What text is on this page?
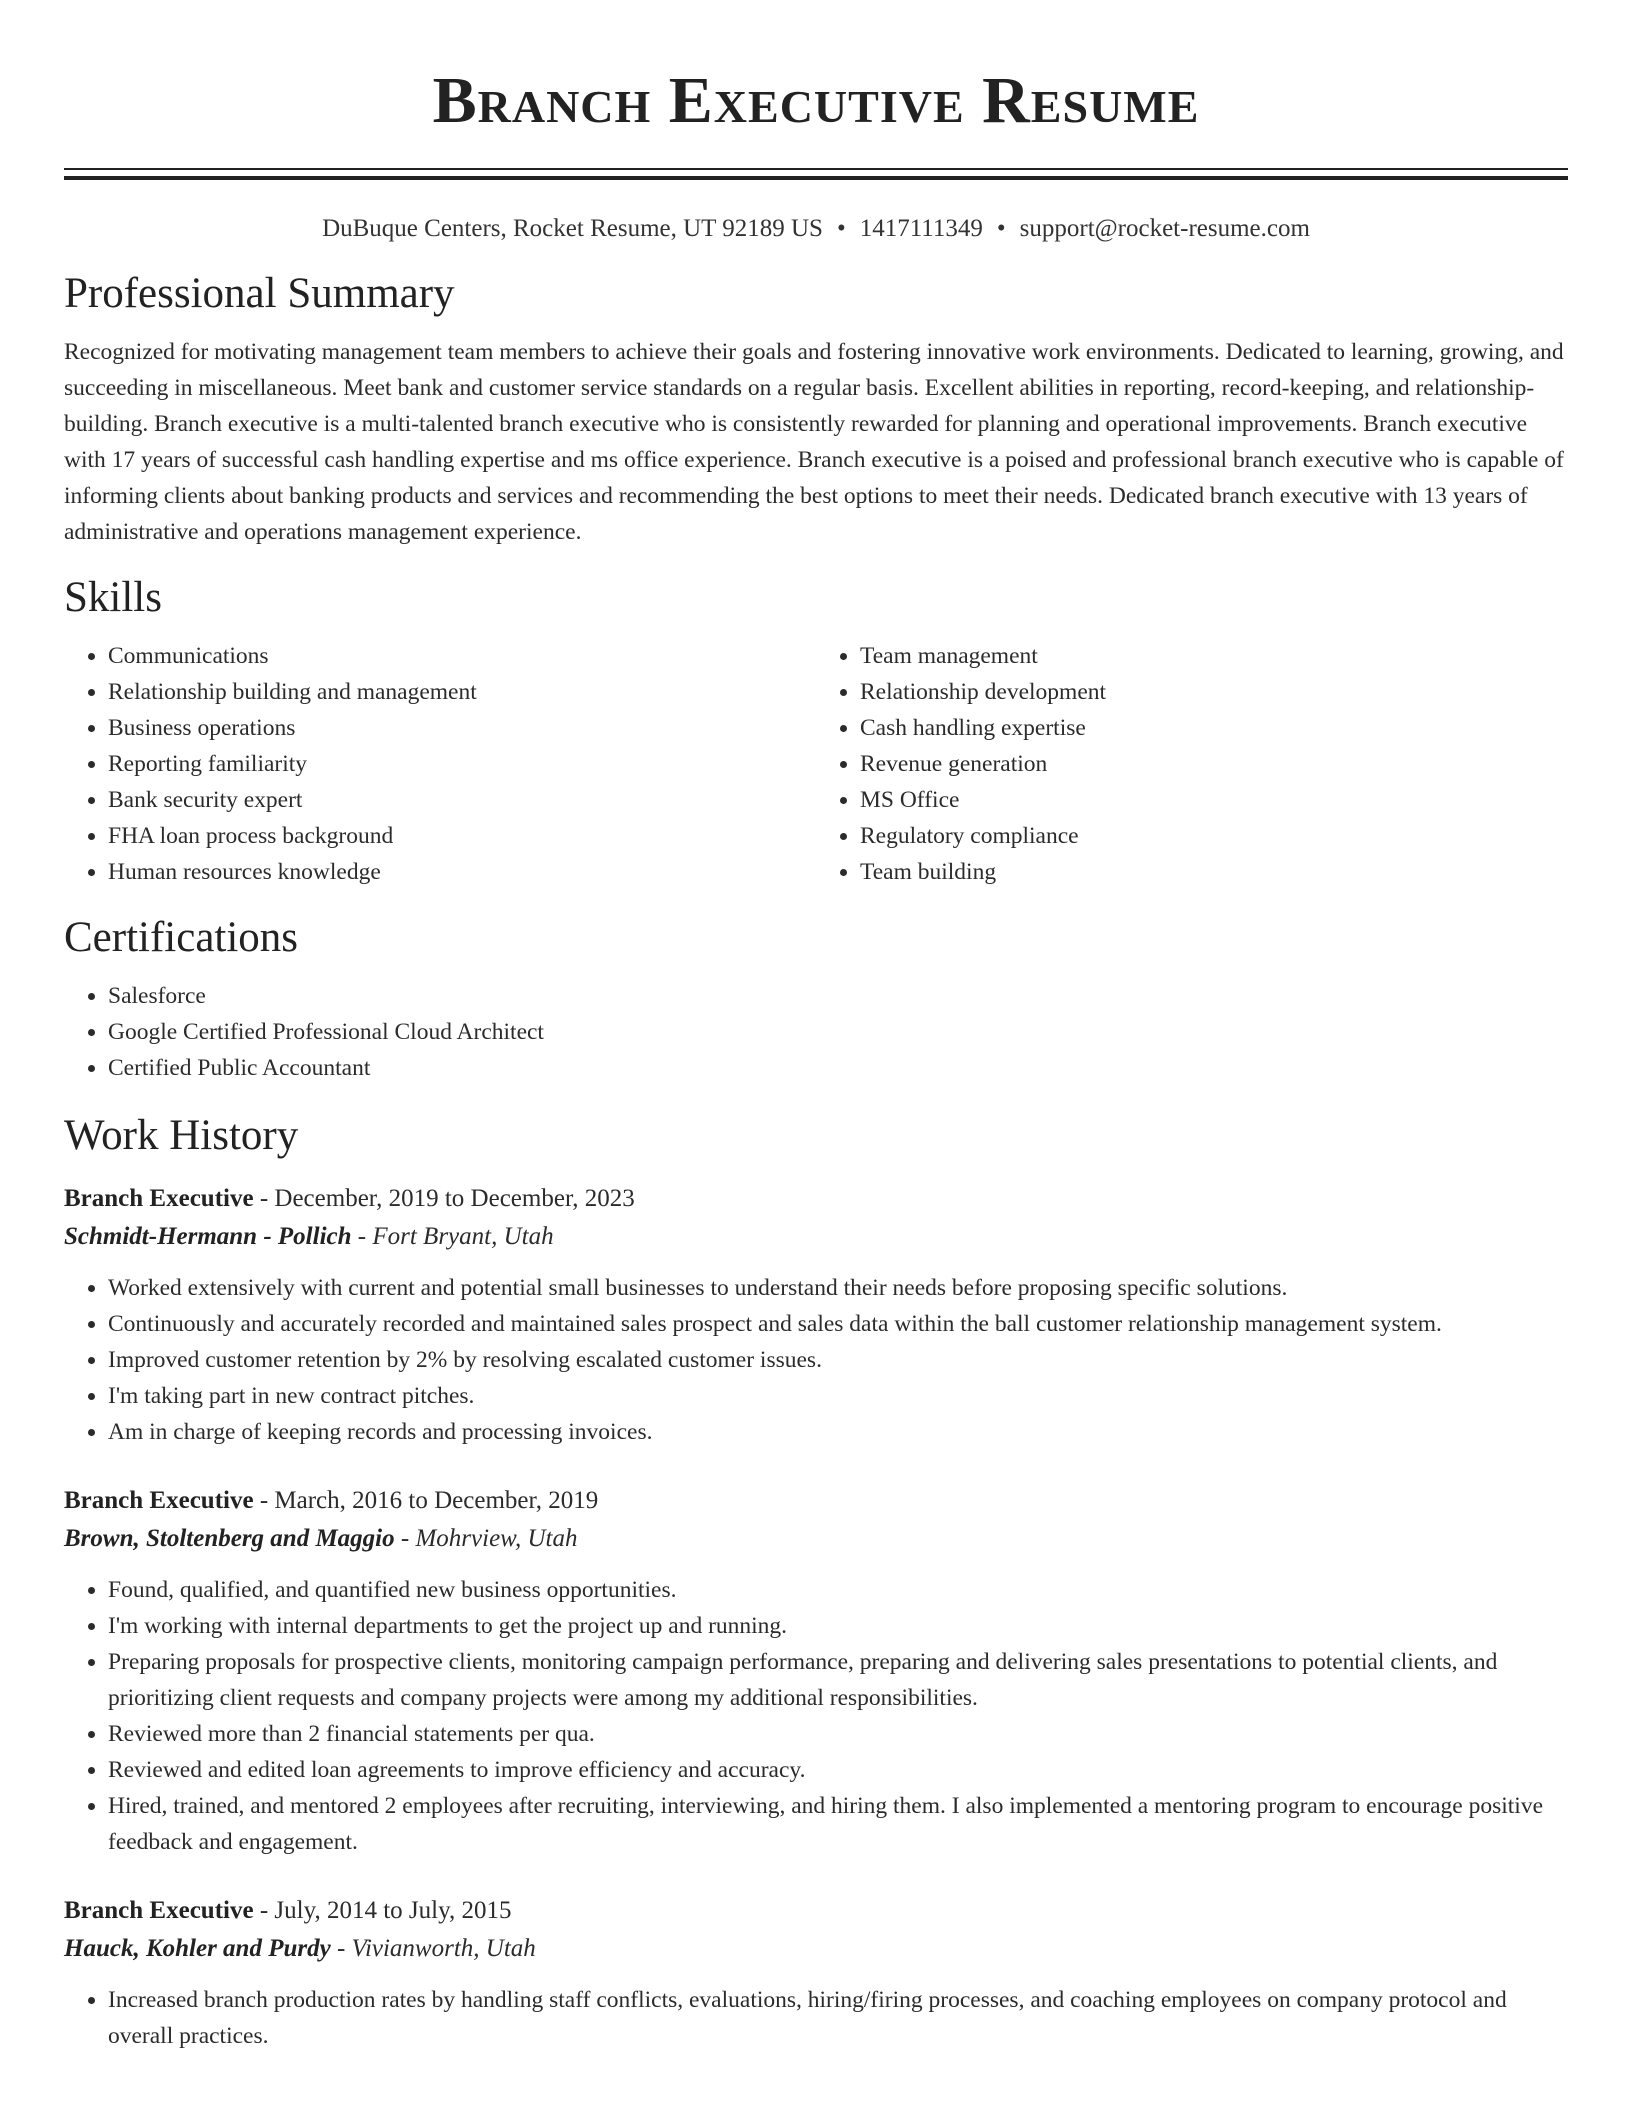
Branch Executive Resume
DuBuque Centers, Rocket Resume, UT 92189 US • 1417111349 • support@rocket-resume.com
Professional Summary

Recognized for motivating management team members to achieve their goals and fostering innovative work environments. Dedicated to learning, growing, and succeeding in miscellaneous. Meet bank and customer service standards on a regular basis. Excellent abilities in reporting, record-keeping, and relationship-building. Branch executive is a multi-talented branch executive who is consistently rewarded for planning and operational improvements. Branch executive with 17 years of successful cash handling expertise and ms office experience. Branch executive is a poised and professional branch executive who is capable of informing clients about banking products and services and recommending the best options to meet their needs. Dedicated branch executive with 13 years of administrative and operations management experience.

Skills
• Communications
• Relationship building and management
• Business operations
• Reporting familiarity
• Bank security expert
• FHA loan process background
• Human resources knowledge
• Team management
• Relationship development
• Cash handling expertise
• Revenue generation
• MS Office
• Regulatory compliance
• Team building
Certifications
• Salesforce
• Google Certified Professional Cloud Architect
• Certified Public Accountant
Work History
Branch Executive - December, 2019 to December, 2023
Schmidt-Hermann - Pollich - Fort Bryant, Utah
• Worked extensively with current and potential small businesses to understand their needs before proposing specific solutions.
• Continuously and accurately recorded and maintained sales prospect and sales data within the ball customer relationship management system.
• Improved customer retention by 2% by resolving escalated customer issues.
• I'm taking part in new contract pitches.
• Am in charge of keeping records and processing invoices.
Branch Executive - March, 2016 to December, 2019
Brown, Stoltenberg and Maggio - Mohrview, Utah
• Found, qualified, and quantified new business opportunities.
• I'm working with internal departments to get the project up and running.
• Preparing proposals for prospective clients, monitoring campaign performance, preparing and delivering sales presentations to potential clients, and prioritizing client requests and company projects were among my additional responsibilities.
• Reviewed more than 2 financial statements per qua.
• Reviewed and edited loan agreements to improve efficiency and accuracy.
• Hired, trained, and mentored 2 employees after recruiting, interviewing, and hiring them. I also implemented a mentoring program to encourage positive feedback and engagement.
Branch Executive - July, 2014 to July, 2015
Hauck, Kohler and Purdy - Vivianworth, Utah
• Increased branch production rates by handling staff conflicts, evaluations, hiring/firing processes, and coaching employees on company protocol and overall practices.
